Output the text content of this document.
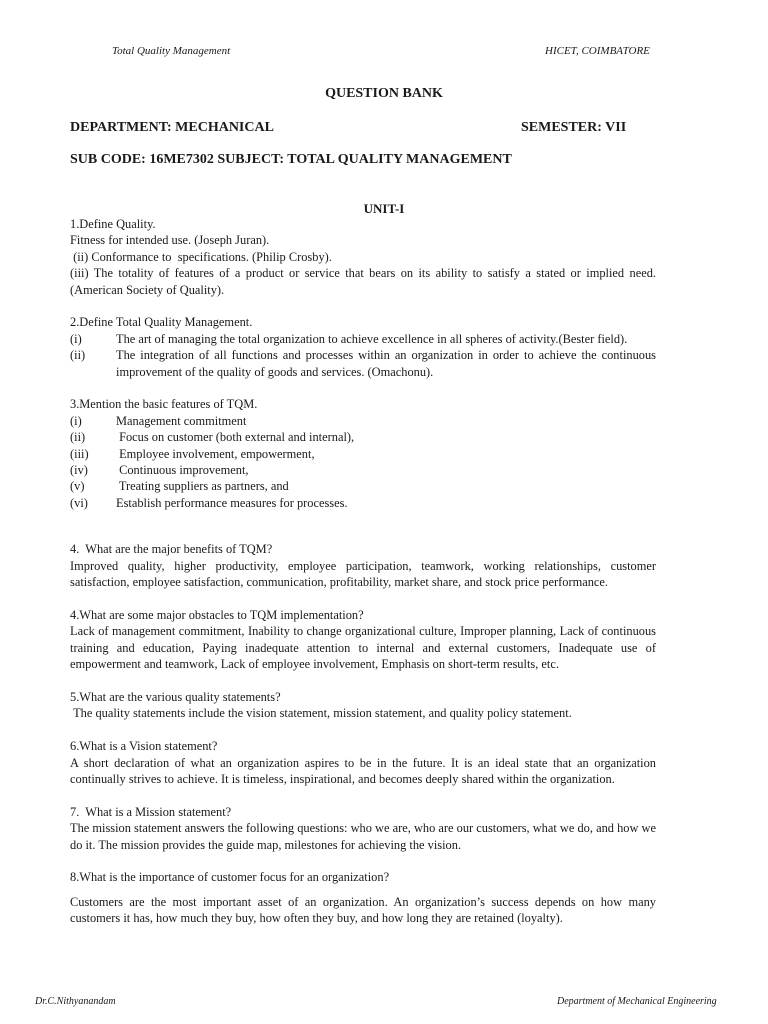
Total Quality Management	HICET, COIMBATORE
QUESTION BANK
DEPARTMENT: MECHANICAL	SEMESTER: VII
SUB CODE: 16ME7302 SUBJECT: TOTAL QUALITY MANAGEMENT
UNIT-I

1.Define Quality.

Fitness for intended use. (Joseph Juran).

(ii) Conformance to  specifications. (Philip Crosby).

(iii) The totality of features of a product or service that bears on its ability to satisfy a stated or implied need. (American Society of Quality).

2.Define Total Quality Management.

(i)	The art of managing the total organization to achieve excellence in all spheres of activity.(Bester field).
(ii)	The integration of all functions and processes within an organization in order to achieve the continuous improvement of the quality of goods and services. (Omachonu).

3.Mention the basic features of TQM.

(i)	Management commitment
(ii)	Focus on customer (both external and internal),
(iii)	Employee involvement, empowerment,
(iv)	Continuous improvement,
(v)	Treating suppliers as partners, and
(vi)	Establish performance measures for processes.

4.  What are the major benefits of TQM?

Improved quality, higher productivity, employee participation, teamwork, working relationships, customer satisfaction, employee satisfaction, communication, profitability, market share, and stock price performance.

4.What are some major obstacles to TQM implementation?

Lack of management commitment, Inability to change organizational culture, Improper planning, Lack of continuous training and education, Paying inadequate attention to internal and external customers, Inadequate use of empowerment and teamwork, Lack of employee involvement, Emphasis on short-term results, etc.

5.What are the various quality statements?

The quality statements include the vision statement, mission statement, and quality policy statement.

6.What is a Vision statement?

A short declaration of what an organization aspires to be in the future. It is an ideal state that an organization continually strives to achieve. It is timeless, inspirational, and becomes deeply shared within the organization.

7.  What is a Mission statement?

The mission statement answers the following questions: who we are, who are our customers, what we do, and how we do it. The mission provides the guide map, milestones for achieving the vision.

8.What is the importance of customer focus for an organization?

Customers are the most important asset of an organization. An organization’s success depends on how many customers it has, how much they buy, how often they buy, and how long they are retained (loyalty).

Dr.C.Nithyanandam	Department of Mechanical Engineering
